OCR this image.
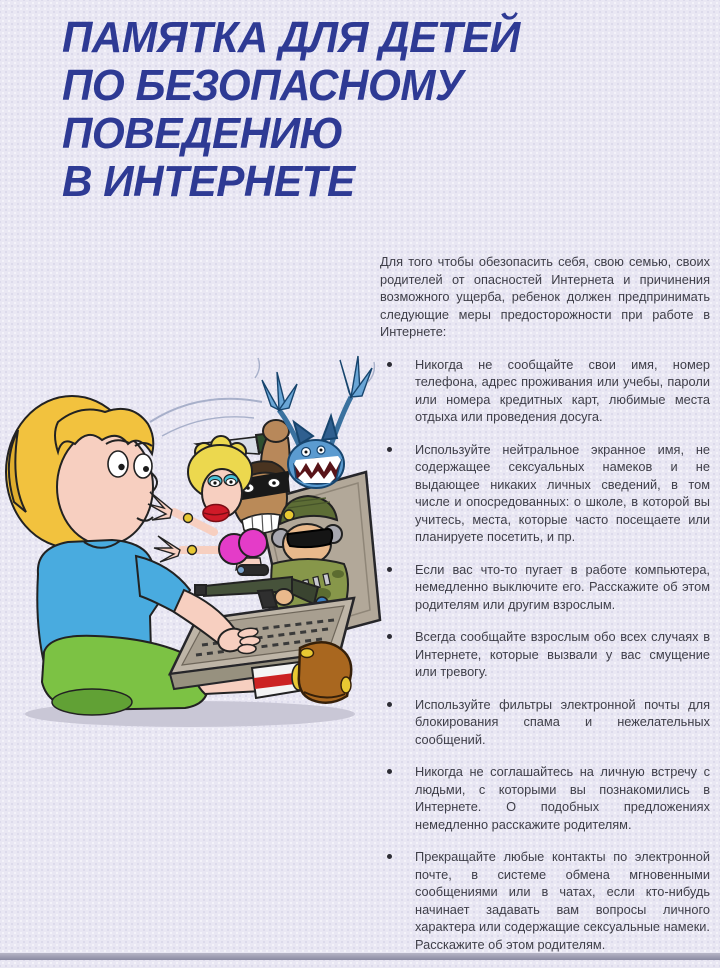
ПАМЯТКА ДЛЯ ДЕТЕЙ
ПО БЕЗОПАСНОМУ
ПОВЕДЕНИЮ
В ИНТЕРНЕТЕ

Для того чтобы обезопасить себя, свою семью, своих родителей от опасностей Интернета и причинения возможного ущерба, ребенок должен предпринимать следующие меры предосторожности при работе в Интернете:

Никогда не сообщайте свои имя, номер телефона, адрес проживания или учебы, пароли или номера кредитных карт, любимые места отдыха или проведения досуга.
Используйте нейтральное экранное имя, не содержащее сексуальных намеков и не выдающее никаких личных сведений, в том числе и опосредованных: о школе, в которой вы учитесь, места, которые часто посещаете или планируете посетить, и пр.
Если вас что-то пугает в работе компьютера, немедленно выключите его. Расскажите об этом родителям или другим взрослым.
Всегда сообщайте взрослым обо всех случаях в Интернете, которые вызвали у вас смущение или тревогу.
Используйте фильтры электронной почты для блокирования спама и нежелательных сообщений.
Никогда не соглашайтесь на личную встречу с людьми, с которыми вы познакомились в Интернете. О подобных предложениях немедленно расскажите родителям.
Прекращайте любые контакты по электронной почте, в системе обмена мгновенными сообщениями или в чатах, если кто-нибудь начинает задавать вам вопросы личного характера или содержащие сексуальные намеки. Расскажите об этом родителям.
